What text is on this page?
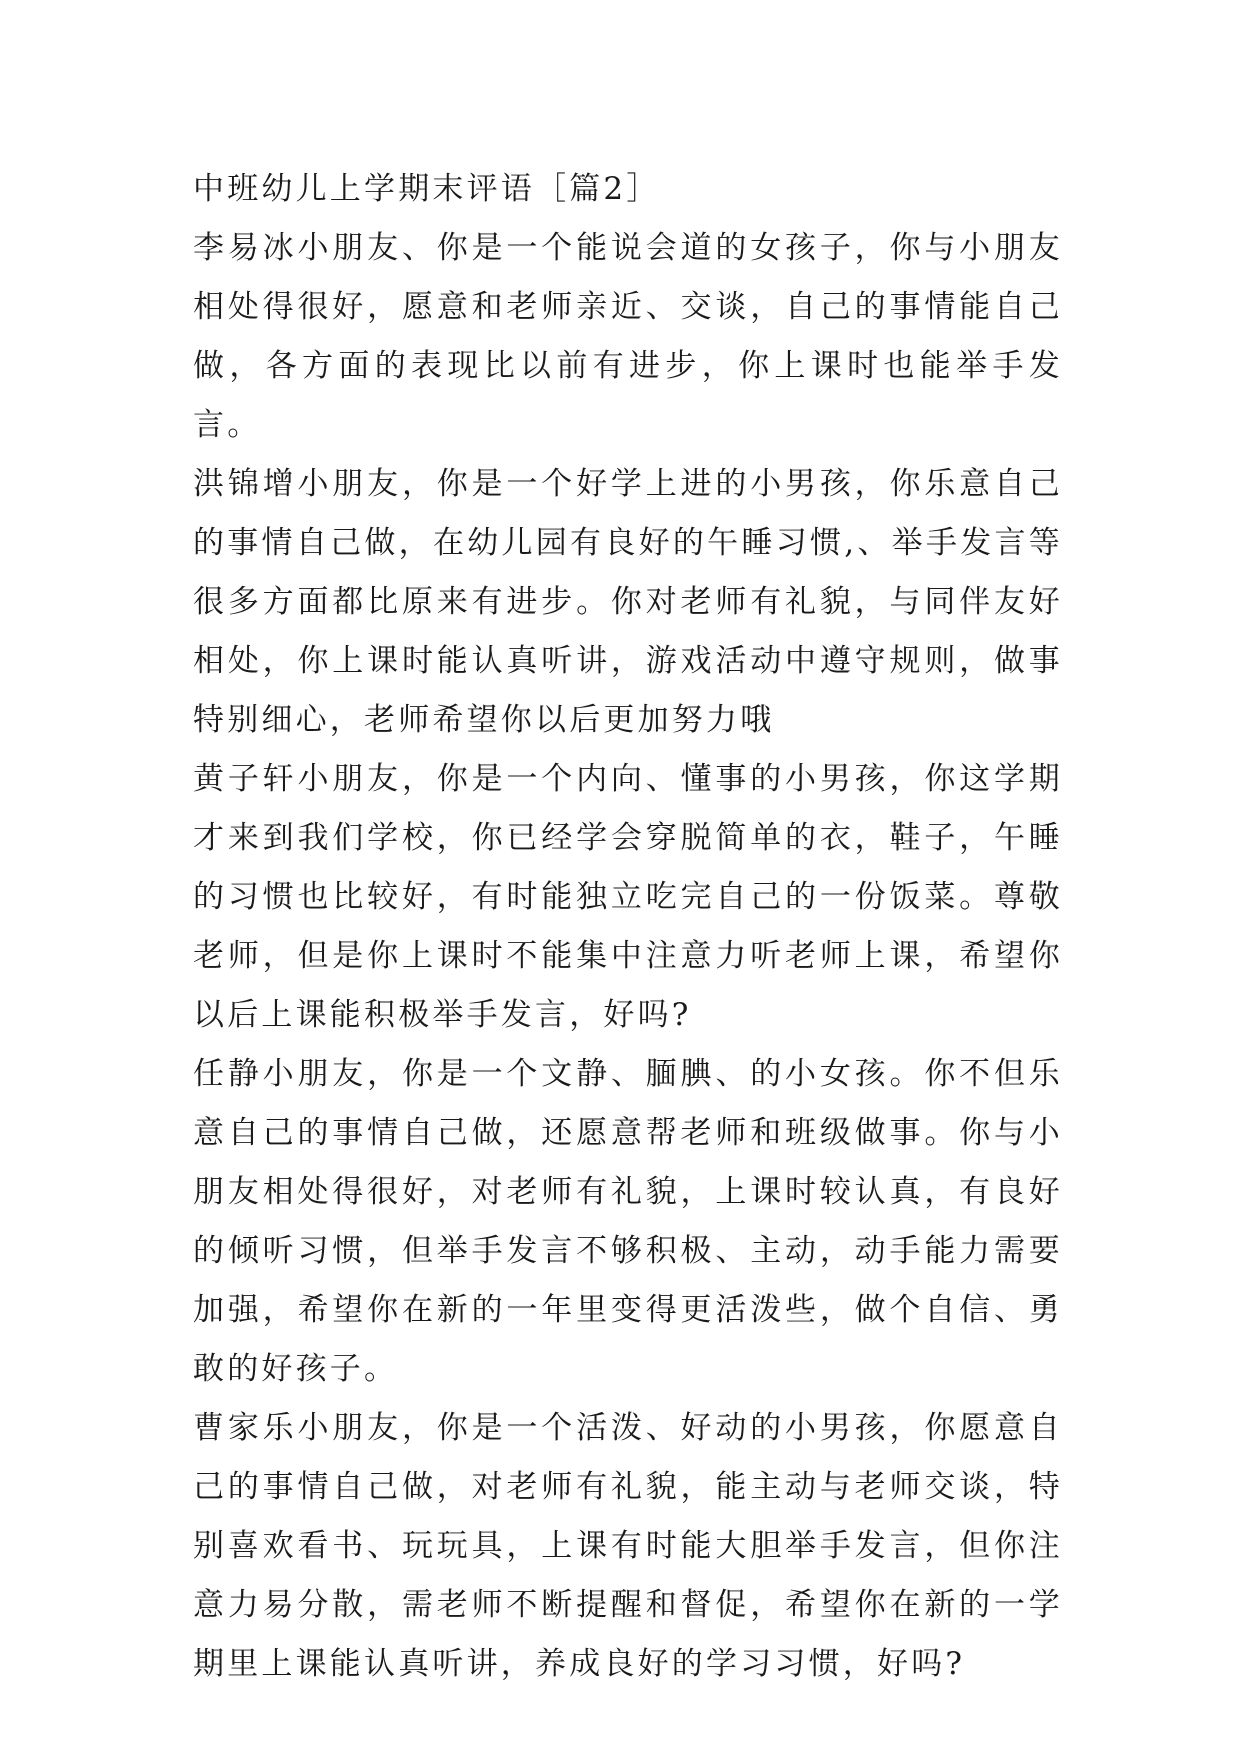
中班幼儿上学期末评语［篇2］

李易冰小朋友、你是一个能说会道的女孩子，你与小朋友相处得很好，愿意和老师亲近、交谈，自己的事情能自己做，各方面的表现比以前有进步，你上课时也能举手发言。

洪锦增小朋友，你是一个好学上进的小男孩，你乐意自己的事情自己做，在幼儿园有良好的午睡习惯,、举手发言等很多方面都比原来有进步。你对老师有礼貌，与同伴友好相处，你上课时能认真听讲，游戏活动中遵守规则，做事特别细心，老师希望你以后更加努力哦

黄子轩小朋友，你是一个内向、懂事的小男孩，你这学期才来到我们学校，你已经学会穿脱简单的衣，鞋子，午睡的习惯也比较好，有时能独立吃完自己的一份饭菜。尊敬老师，但是你上课时不能集中注意力听老师上课，希望你以后上课能积极举手发言，好吗?

任静小朋友，你是一个文静、腼腆、的小女孩。你不但乐意自己的事情自己做，还愿意帮老师和班级做事。你与小朋友相处得很好，对老师有礼貌，上课时较认真，有良好的倾听习惯，但举手发言不够积极、主动，动手能力需要加强，希望你在新的一年里变得更活泼些，做个自信、勇敢的好孩子。

曹家乐小朋友，你是一个活泼、好动的小男孩，你愿意自己的事情自己做，对老师有礼貌，能主动与老师交谈，特别喜欢看书、玩玩具，上课有时能大胆举手发言，但你注意力易分散，需老师不断提醒和督促，希望你在新的一学期里上课能认真听讲，养成良好的学习习惯，好吗?
